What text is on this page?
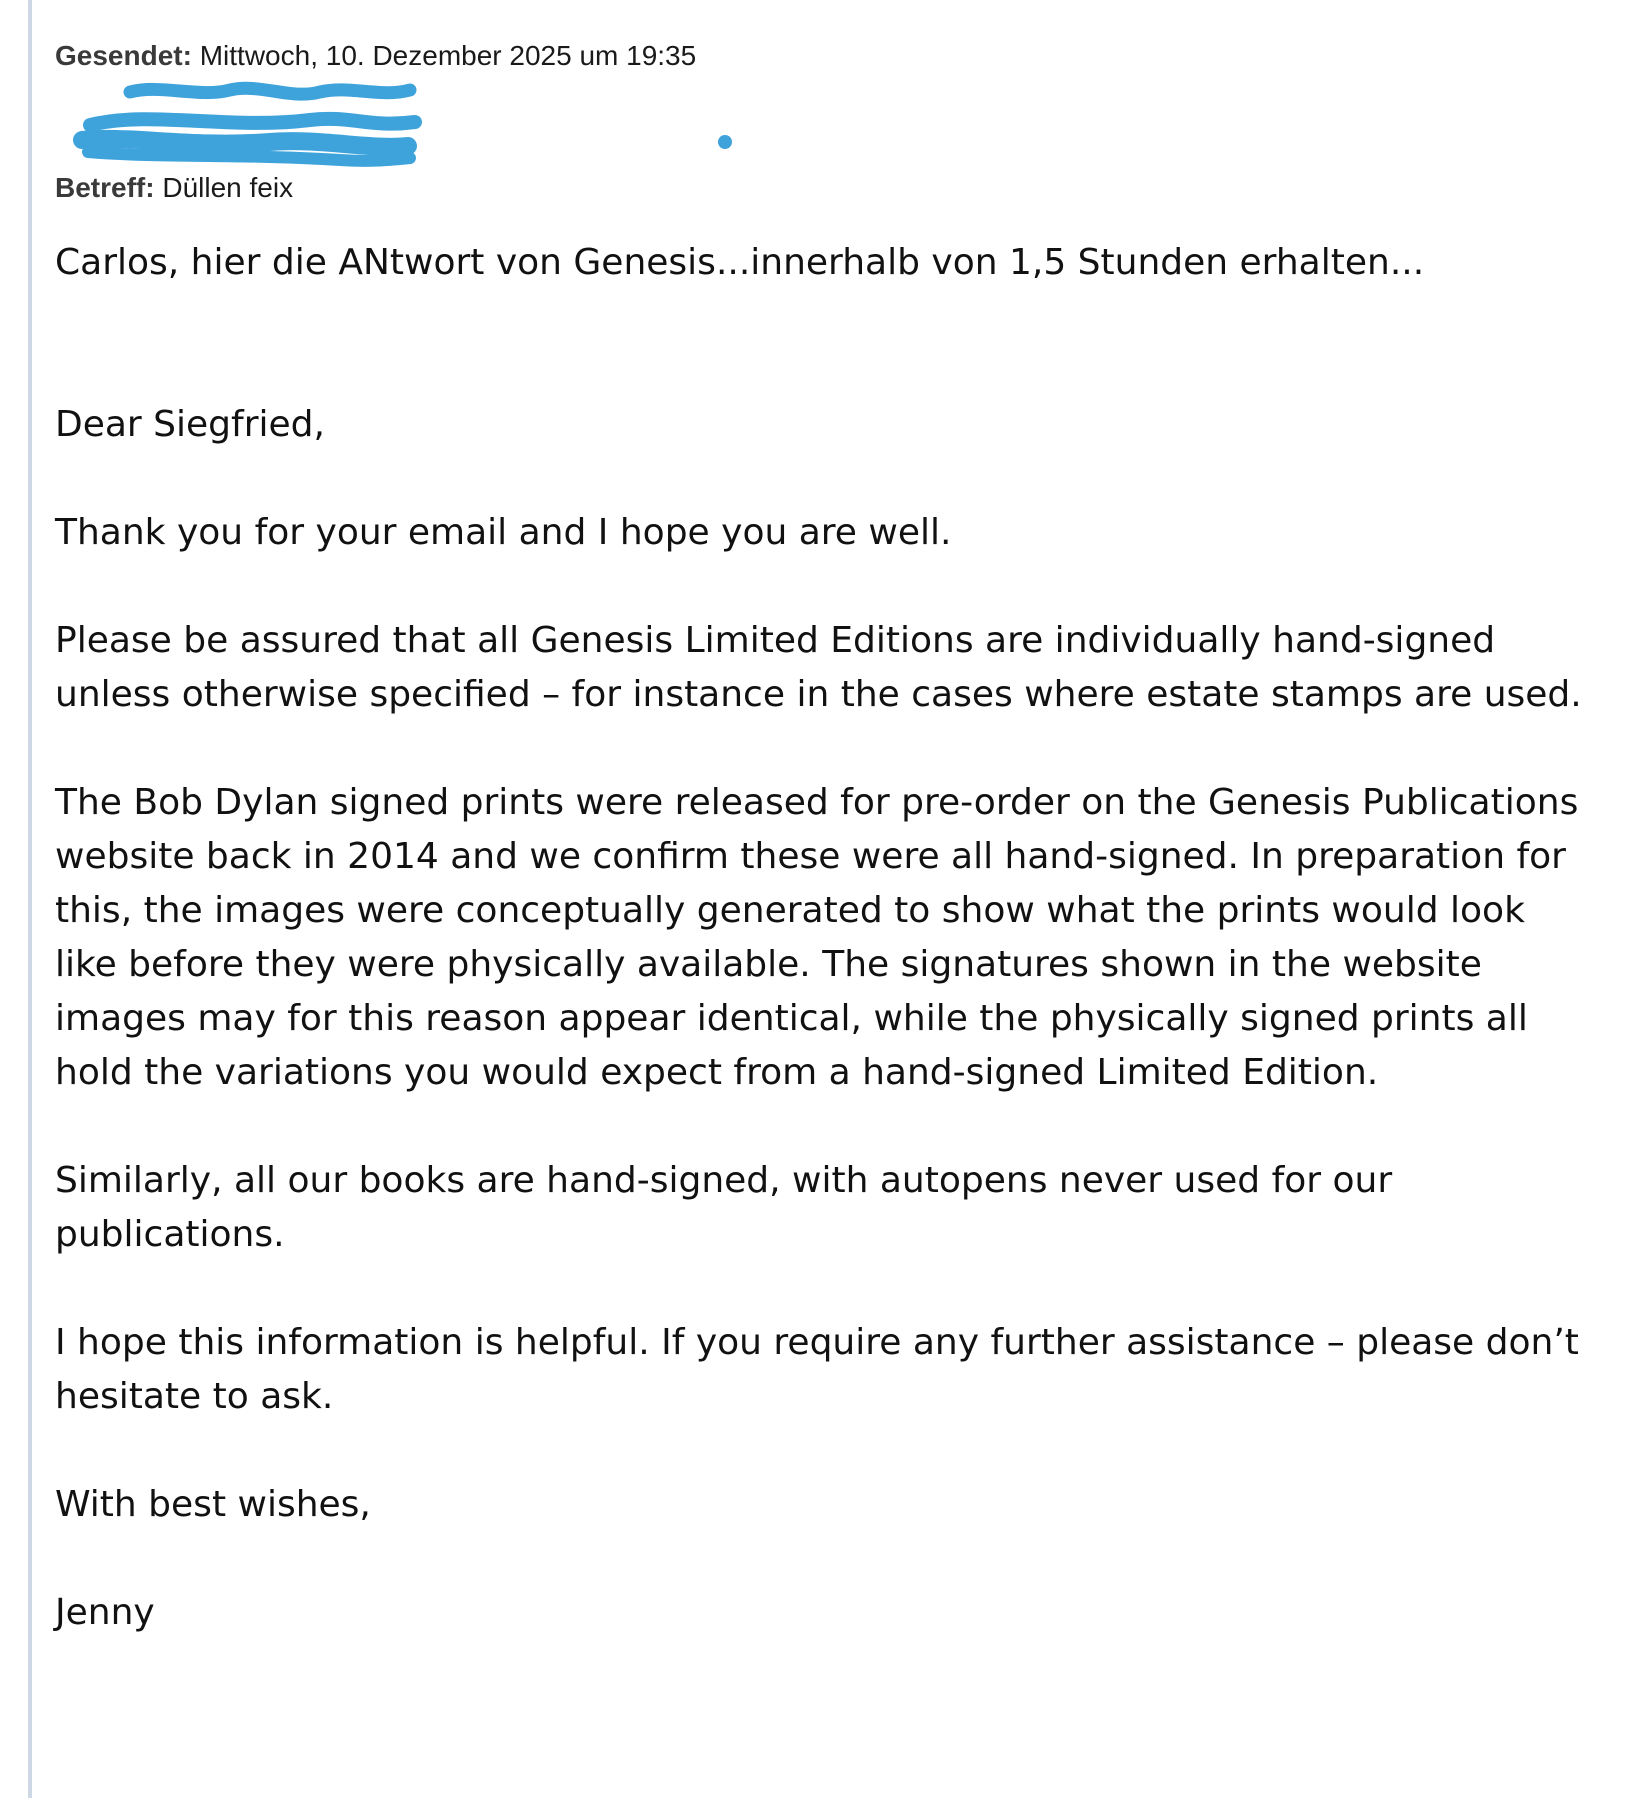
Gesendet: Mittwoch, 10. Dezember 2025 um 19:35
Betreff: Düllen feix

Carlos, hier die ANtwort von Genesis...innerhalb von 1,5 Stunden erhalten...

Dear Siegfried,

Thank you for your email and I hope you are well.

Please be assured that all Genesis Limited Editions are individually hand-signed unless otherwise specified – for instance in the cases where estate stamps are used.

The Bob Dylan signed prints were released for pre-order on the Genesis Publications website back in 2014 and we confirm these were all hand-signed. In preparation for this, the images were conceptually generated to show what the prints would look like before they were physically available. The signatures shown in the website images may for this reason appear identical, while the physically signed prints all hold the variations you would expect from a hand-signed Limited Edition.

Similarly, all our books are hand-signed, with autopens never used for our publications.

I hope this information is helpful. If you require any further assistance – please don’t hesitate to ask.

With best wishes,

Jenny
